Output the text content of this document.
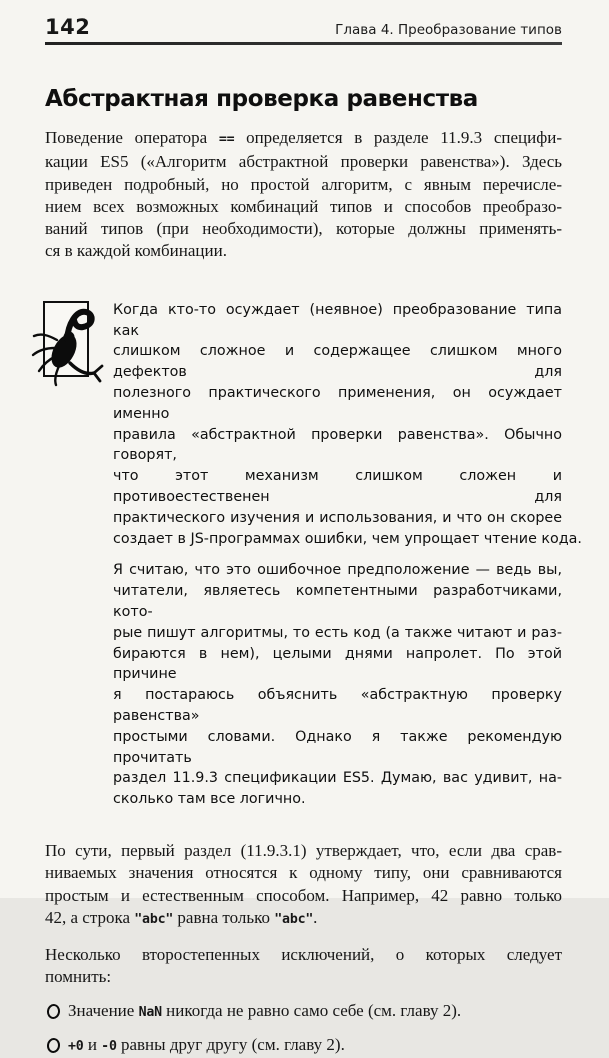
142	Глава 4. Преобразование типов
Абстрактная проверка равенства
Поведение оператора == определяется в разделе 11.9.3 специфи-
кации ES5 («Алгоритм абстрактной проверки равенства»). Здесь
приведен подробный, но простой алгоритм, с явным перечисле-
нием всех возможных комбинаций типов и способов преобразо-
ваний типов (при необходимости), которые должны применять-
ся в каждой комбинации.
Когда кто-то осуждает (неявное) преобразование типа как
слишком сложное и содержащее слишком много дефектов для
полезного практического применения, он осуждает именно
правила «абстрактной проверки равенства». Обычно говорят,
что этот механизм слишком сложен и противоестественен для
практического изучения и использования, и что он скорее
создает в JS-программах ошибки, чем упрощает чтение кода.
Я считаю, что это ошибочное предположение — ведь вы,
читатели, являетесь компетентными разработчиками, кото-
рые пишут алгоритмы, то есть код (а также читают и раз-
бираются в нем), целыми днями напролет. По этой причине
я постараюсь объяснить «абстрактную проверку равенства»
простыми словами. Однако я также рекомендую прочитать
раздел 11.9.3 спецификации ES5. Думаю, вас удивит, на-
сколько там все логично.
По сути, первый раздел (11.9.3.1) утверждает, что, если два срав-
ниваемых значения относятся к одному типу, они сравниваются
простым и естественным способом. Например, 42 равно только
42, а строка "abc" равна только "abc".
Несколько второстепенных исключений, о которых следует
помнить:
Значение NaN никогда не равно само себе (см. главу 2).
+0 и -0 равны друг другу (см. главу 2).
